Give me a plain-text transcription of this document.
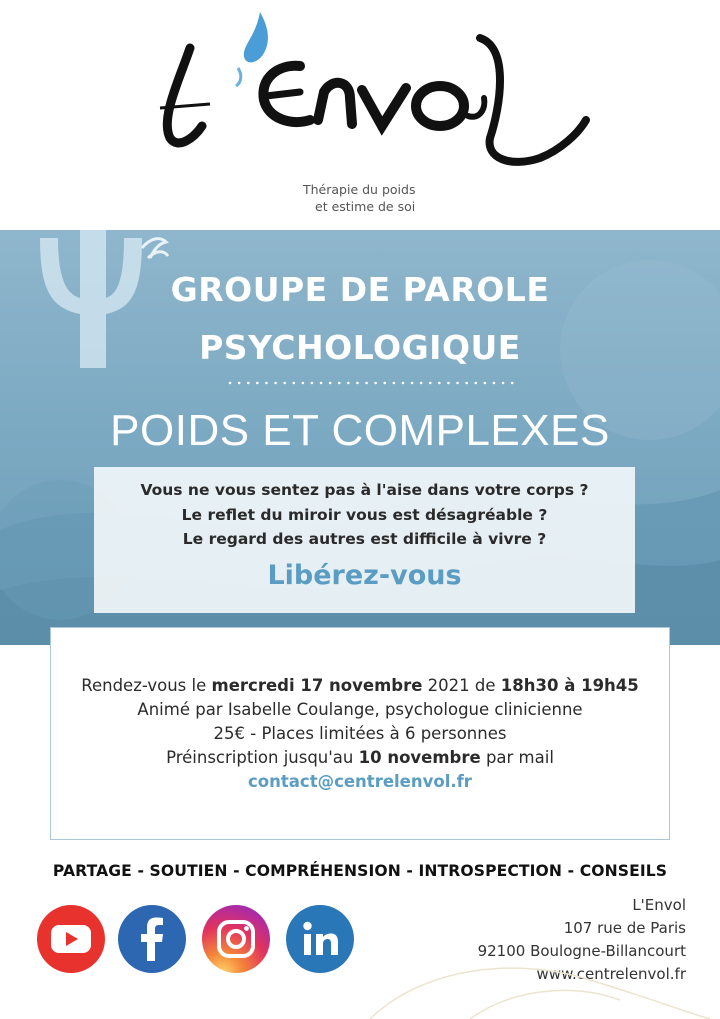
Thérapie du poids
et estime de soi
GROUPE DE PAROLE
PSYCHOLOGIQUE
POIDS ET COMPLEXES
Vous ne vous sentez pas à l'aise dans votre corps ?
Le reflet du miroir vous est désagréable ?
Le regard des autres est difficile à vivre ?
Libérez-vous
Rendez-vous le mercredi 17 novembre 2021 de 18h30 à 19h45
Animé par Isabelle Coulange, psychologue clinicienne
25€ - Places limitées à 6 personnes
Préinscription jusqu'au 10 novembre par mail
contact@centrelenvol.fr
PARTAGE - SOUTIEN - COMPRÉHENSION - INTROSPECTION - CONSEILS
L'Envol
107 rue de Paris
92100 Boulogne-Billancourt
www.centrelenvol.fr
